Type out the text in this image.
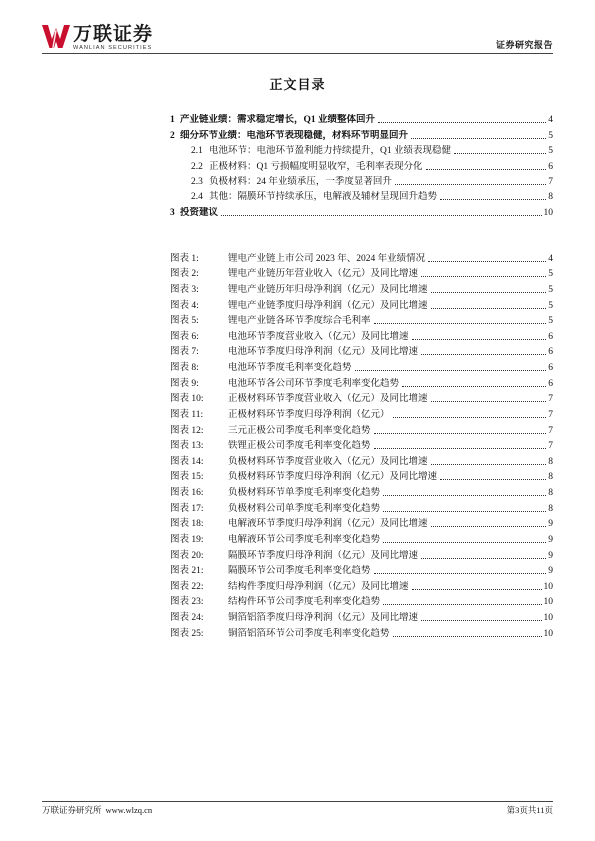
万联证券
WANLIAN SECURITIES	证券研究报告
正文目录
1 产业链业绩：需求稳定增长，Q1 业绩整体回升	4
2 细分环节业绩：电池环节表现稳健，材料环节明显回升	5
2.1 电池环节：电池环节盈利能力持续提升，Q1 业绩表现稳健	5
2.2 正极材料：Q1 亏损幅度明显收窄，毛利率表现分化	6
2.3 负极材料：24 年业绩承压，一季度显著回升	7
2.4 其他：隔膜环节持续承压，电解液及辅材呈现回升趋势	8
3 投资建议	10
图表 1:	锂电产业链上市公司 2023 年、2024 年业绩情况	4
图表 2:	锂电产业链历年营业收入（亿元）及同比增速	5
图表 3:	锂电产业链历年归母净利润（亿元）及同比增速	5
图表 4:	锂电产业链季度归母净利润（亿元）及同比增速	5
图表 5:	锂电产业链各环节季度综合毛利率	5
图表 6:	电池环节季度营业收入（亿元）及同比增速	6
图表 7:	电池环节季度归母净利润（亿元）及同比增速	6
图表 8:	电池环节季度毛利率变化趋势	6
图表 9:	电池环节各公司环节季度毛利率变化趋势	6
图表 10:	正极材料环节季度营业收入（亿元）及同比增速	7
图表 11:	正极材料环节季度归母净利润（亿元）	7
图表 12:	三元正极公司季度毛利率变化趋势	7
图表 13:	铁锂正极公司季度毛利率变化趋势	7
图表 14:	负极材料环节季度营业收入（亿元）及同比增速	8
图表 15:	负极材料环节季度归母净利润（亿元）及同比增速	8
图表 16:	负极材料环节单季度毛利率变化趋势	8
图表 17:	负极材料公司单季度毛利率变化趋势	8
图表 18:	电解液环节季度归母净利润（亿元）及同比增速	9
图表 19:	电解液环节公司季度毛利率变化趋势	9
图表 20:	隔膜环节季度归母净利润（亿元）及同比增速	9
图表 21:	隔膜环节公司季度毛利率变化趋势	9
图表 22:	结构件季度归母净利润（亿元）及同比增速	10
图表 23:	结构件环节公司季度毛利率变化趋势	10
图表 24:	铜箔铝箔季度归母净利润（亿元）及同比增速	10
图表 25:	铜箔铝箔环节公司季度毛利率变化趋势	10
万联证券研究所 www.wlzq.cn	第3页共11页
